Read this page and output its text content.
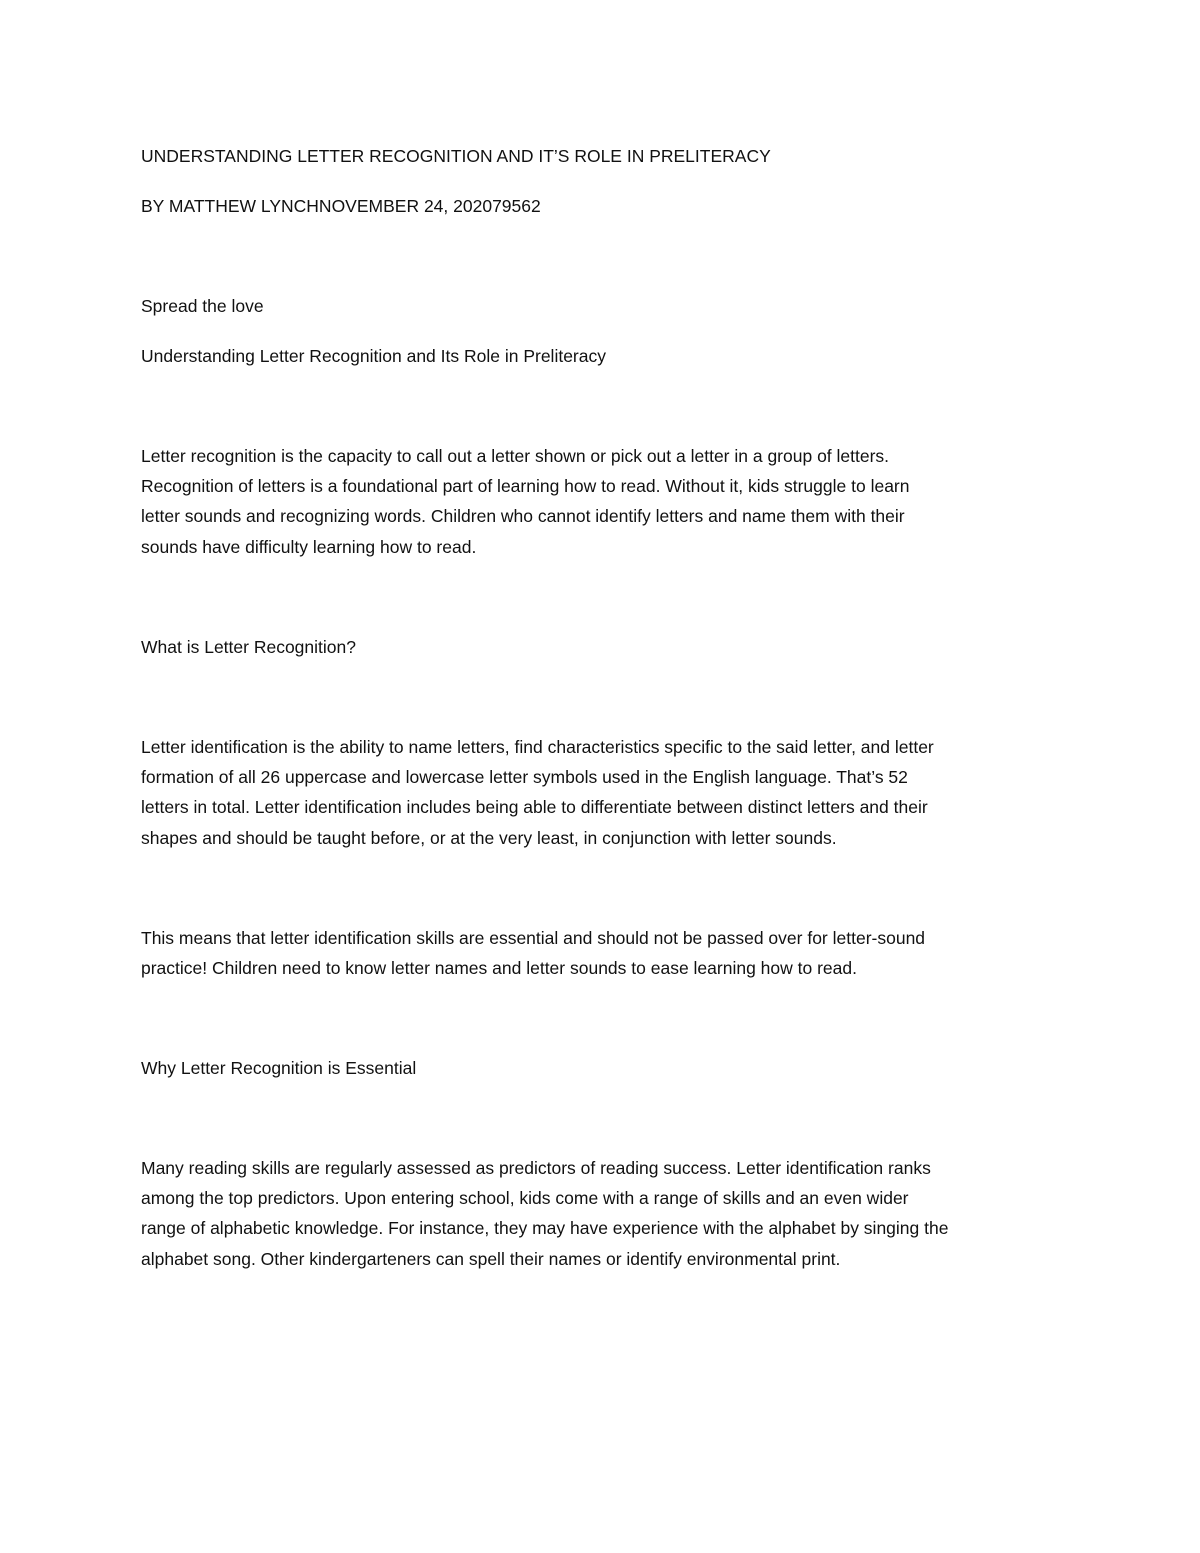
UNDERSTANDING LETTER RECOGNITION AND IT’S ROLE IN PRELITERACY

BY MATTHEW LYNCHNOVEMBER 24, 202079562

Spread the love

Understanding Letter Recognition and Its Role in Preliteracy

Letter recognition is the capacity to call out a letter shown or pick out a letter in a group of letters.
Recognition of letters is a foundational part of learning how to read. Without it, kids struggle to learn
letter sounds and recognizing words. Children who cannot identify letters and name them with their
sounds have difficulty learning how to read.

What is Letter Recognition?

Letter identification is the ability to name letters, find characteristics specific to the said letter, and letter
formation of all 26 uppercase and lowercase letter symbols used in the English language. That’s 52
letters in total. Letter identification includes being able to differentiate between distinct letters and their
shapes and should be taught before, or at the very least, in conjunction with letter sounds.
This means that letter identification skills are essential and should not be passed over for letter-sound
practice! Children need to know letter names and letter sounds to ease learning how to read.

Why Letter Recognition is Essential

Many reading skills are regularly assessed as predictors of reading success. Letter identification ranks
among the top predictors. Upon entering school, kids come with a range of skills and an even wider
range of alphabetic knowledge. For instance, they may have experience with the alphabet by singing the
alphabet song. Other kindergarteners can spell their names or identify environmental print.
